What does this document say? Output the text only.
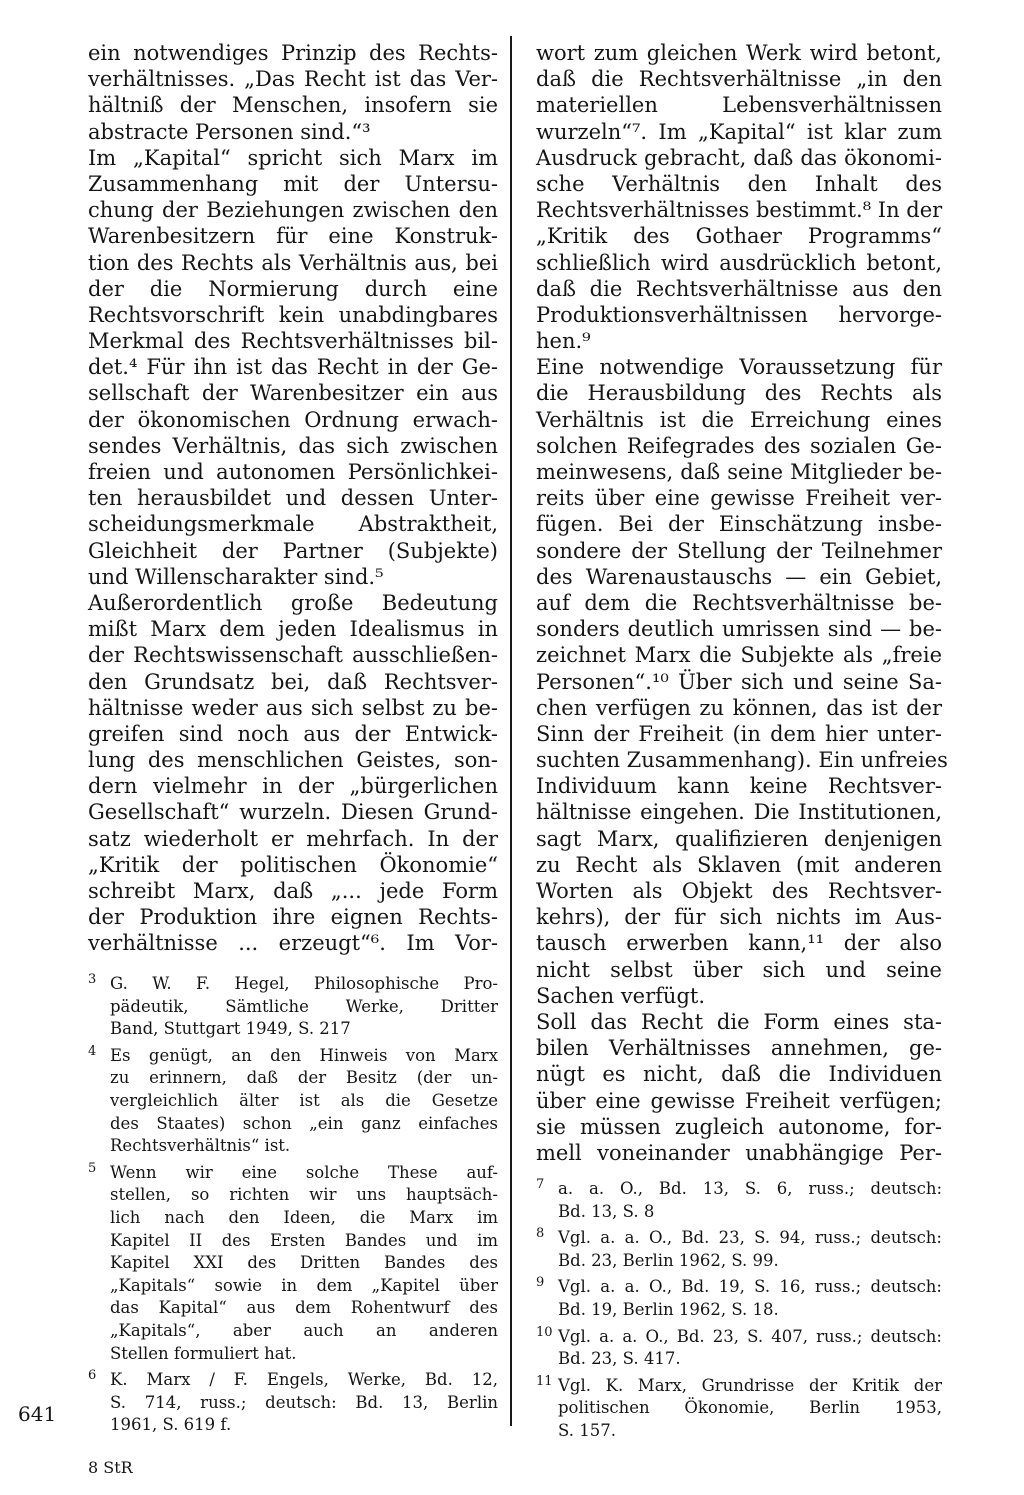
ein notwendiges Prinzip des Rechts-
verhältnisses. „Das Recht ist das Ver-
hältniß der Menschen, insofern sie
abstracte Personen sind.“³
Im „Kapital“ spricht sich Marx im
Zusammenhang mit der Untersu-
chung der Beziehungen zwischen den
Warenbesitzern für eine Konstruk-
tion des Rechts als Verhältnis aus, bei
der die Normierung durch eine
Rechtsvorschrift kein unabdingbares
Merkmal des Rechtsverhältnisses bil-
det.⁴ Für ihn ist das Recht in der Ge-
sellschaft der Warenbesitzer ein aus
der ökonomischen Ordnung erwach-
sendes Verhältnis, das sich zwischen
freien und autonomen Persönlichkei-
ten herausbildet und dessen Unter-
scheidungsmerkmale Abstraktheit,
Gleichheit der Partner (Subjekte)
und Willenscharakter sind.⁵
Außerordentlich große Bedeutung
mißt Marx dem jeden Idealismus in
der Rechtswissenschaft ausschließen-
den Grundsatz bei, daß Rechtsver-
hältnisse weder aus sich selbst zu be-
greifen sind noch aus der Entwick-
lung des menschlichen Geistes, son-
dern vielmehr in der „bürgerlichen
Gesellschaft“ wurzeln. Diesen Grund-
satz wiederholt er mehrfach. In der
„Kritik der politischen Ökonomie“
schreibt Marx, daß „... jede Form
der Produktion ihre eignen Rechts-
verhältnisse ... erzeugt“⁶. Im Vor-
wort zum gleichen Werk wird betont,
daß die Rechtsverhältnisse „in den
materiellen Lebensverhältnissen
wurzeln“⁷. Im „Kapital“ ist klar zum
Ausdruck gebracht, daß das ökonomi-
sche Verhältnis den Inhalt des
Rechtsverhältnisses bestimmt.⁸ In der
„Kritik des Gothaer Programms“
schließlich wird ausdrücklich betont,
daß die Rechtsverhältnisse aus den
Produktionsverhältnissen hervorge-
hen.⁹
Eine notwendige Voraussetzung für
die Herausbildung des Rechts als
Verhältnis ist die Erreichung eines
solchen Reifegrades des sozialen Ge-
meinwesens, daß seine Mitglieder be-
reits über eine gewisse Freiheit ver-
fügen. Bei der Einschätzung insbe-
sondere der Stellung der Teilnehmer
des Warenaustauschs — ein Gebiet,
auf dem die Rechtsverhältnisse be-
sonders deutlich umrissen sind — be-
zeichnet Marx die Subjekte als „freie
Personen“.¹⁰ Über sich und seine Sa-
chen verfügen zu können, das ist der
Sinn der Freiheit (in dem hier unter-
suchten Zusammenhang). Ein unfreies
Individuum kann keine Rechtsver-
hältnisse eingehen. Die Institutionen,
sagt Marx, qualifizieren denjenigen
zu Recht als Sklaven (mit anderen
Worten als Objekt des Rechtsver-
kehrs), der für sich nichts im Aus-
tausch erwerben kann,¹¹ der also
nicht selbst über sich und seine
Sachen verfügt.
Soll das Recht die Form eines sta-
bilen Verhältnisses annehmen, ge-
nügt es nicht, daß die Individuen
über eine gewisse Freiheit verfügen;
sie müssen zugleich autonome, for-
mell voneinander unabhängige Per-
3 G. W. F. Hegel, Philosophische Pro-
pädeutik, Sämtliche Werke, Dritter
Band, Stuttgart 1949, S. 217
4 Es genügt, an den Hinweis von Marx
zu erinnern, daß der Besitz (der un-
vergleichlich älter ist als die Gesetze
des Staates) schon „ein ganz einfaches
Rechtsverhältnis“ ist.
5 Wenn wir eine solche These auf-
stellen, so richten wir uns hauptsäch-
lich nach den Ideen, die Marx im
Kapitel II des Ersten Bandes und im
Kapitel XXI des Dritten Bandes des
„Kapitals“ sowie in dem „Kapitel über
das Kapital“ aus dem Rohentwurf des
„Kapitals“, aber auch an anderen
Stellen formuliert hat.
6 K. Marx / F. Engels, Werke, Bd. 12,
S. 714, russ.; deutsch: Bd. 13, Berlin
1961, S. 619 f.
7 a. a. O., Bd. 13, S. 6, russ.; deutsch:
Bd. 13, S. 8
8 Vgl. a. a. O., Bd. 23, S. 94, russ.; deutsch:
Bd. 23, Berlin 1962, S. 99.
9 Vgl. a. a. O., Bd. 19, S. 16, russ.; deutsch:
Bd. 19, Berlin 1962, S. 18.
10 Vgl. a. a. O., Bd. 23, S. 407, russ.; deutsch:
Bd. 23, S. 417.
11 Vgl. K. Marx, Grundrisse der Kritik der
politischen Ökonomie, Berlin 1953,
S. 157.
641
8 StR
